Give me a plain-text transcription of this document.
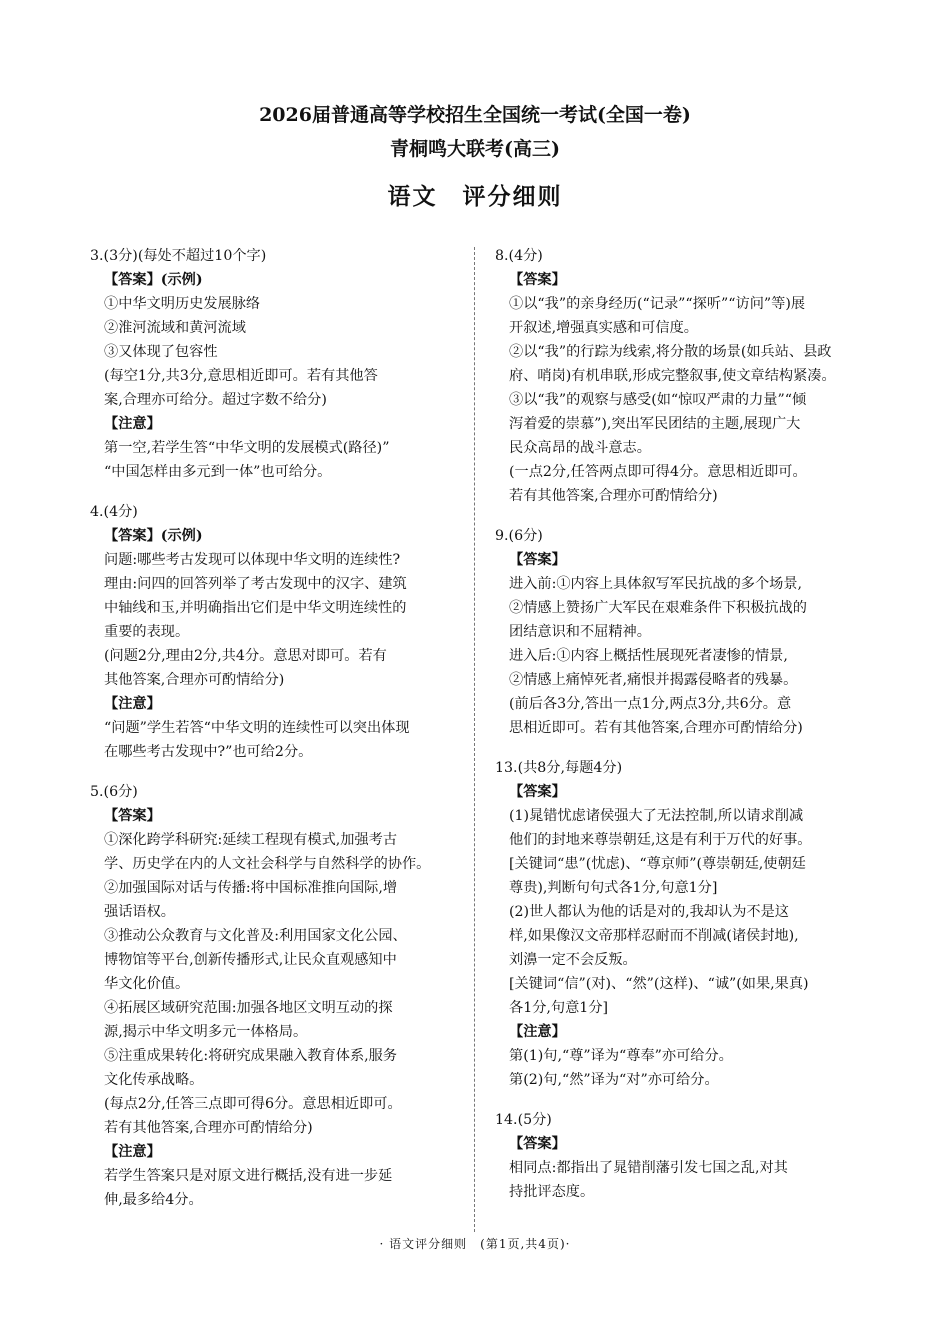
2026届普通高等学校招生全国统一考试(全国一卷)
青桐鸣大联考(高三)
语文　评分细则
3.(3分)(每处不超过10个字)
【答案】(示例)
①中华文明历史发展脉络
②淮河流域和黄河流域
③又体现了包容性
(每空1分,共3分,意思相近即可。若有其他答
案,合理亦可给分。超过字数不给分)
【注意】
第一空,若学生答“中华文明的发展模式(路径)”
“中国怎样由多元到一体”也可给分。
4.(4分)
【答案】(示例)
问题:哪些考古发现可以体现中华文明的连续性?
理由:问四的回答列举了考古发现中的汉字、建筑
中轴线和玉,并明确指出它们是中华文明连续性的
重要的表现。
(问题2分,理由2分,共4分。意思对即可。若有
其他答案,合理亦可酌情给分)
【注意】
“问题”学生若答“中华文明的连续性可以突出体现
在哪些考古发现中?”也可给2分。
5.(6分)
【答案】
①深化跨学科研究:延续工程现有模式,加强考古
学、历史学在内的人文社会科学与自然科学的协作。
②加强国际对话与传播:将中国标准推向国际,增
强话语权。
③推动公众教育与文化普及:利用国家文化公园、
博物馆等平台,创新传播形式,让民众直观感知中
华文化价值。
④拓展区域研究范围:加强各地区文明互动的探
源,揭示中华文明多元一体格局。
⑤注重成果转化:将研究成果融入教育体系,服务
文化传承战略。
(每点2分,任答三点即可得6分。意思相近即可。
若有其他答案,合理亦可酌情给分)
【注意】
若学生答案只是对原文进行概括,没有进一步延
伸,最多给4分。
8.(4分)
【答案】
①以“我”的亲身经历(“记录”“探听”“访问”等)展
开叙述,增强真实感和可信度。
②以“我”的行踪为线索,将分散的场景(如兵站、县政
府、哨岗)有机串联,形成完整叙事,使文章结构紧凑。
③以“我”的观察与感受(如“惊叹严肃的力量”“倾
泻着爱的崇慕”),突出军民团结的主题,展现广大
民众高昂的战斗意志。
(一点2分,任答两点即可得4分。意思相近即可。
若有其他答案,合理亦可酌情给分)
9.(6分)
【答案】
进入前:①内容上具体叙写军民抗战的多个场景,
②情感上赞扬广大军民在艰难条件下积极抗战的
团结意识和不屈精神。
进入后:①内容上概括性展现死者凄惨的情景,
②情感上痛悼死者,痛恨并揭露侵略者的残暴。
(前后各3分,答出一点1分,两点3分,共6分。意
思相近即可。若有其他答案,合理亦可酌情给分)
13.(共8分,每题4分)
【答案】
(1)晁错忧虑诸侯强大了无法控制,所以请求削减
他们的封地来尊崇朝廷,这是有利于万代的好事。
[关键词“患”(忧虑)、“尊京师”(尊崇朝廷,使朝廷
尊贵),判断句句式各1分,句意1分]
(2)世人都认为他的话是对的,我却认为不是这
样,如果像汉文帝那样忍耐而不削减(诸侯封地),
刘濞一定不会反叛。
[关键词“信”(对)、“然”(这样)、“诚”(如果,果真)
各1分,句意1分]
【注意】
第(1)句,“尊”译为“尊奉”亦可给分。
第(2)句,“然”译为“对”亦可给分。
14.(5分)
【答案】
相同点:都指出了晁错削藩引发七国之乱,对其
持批评态度。
· 语文评分细则　(第1页,共4页)·
